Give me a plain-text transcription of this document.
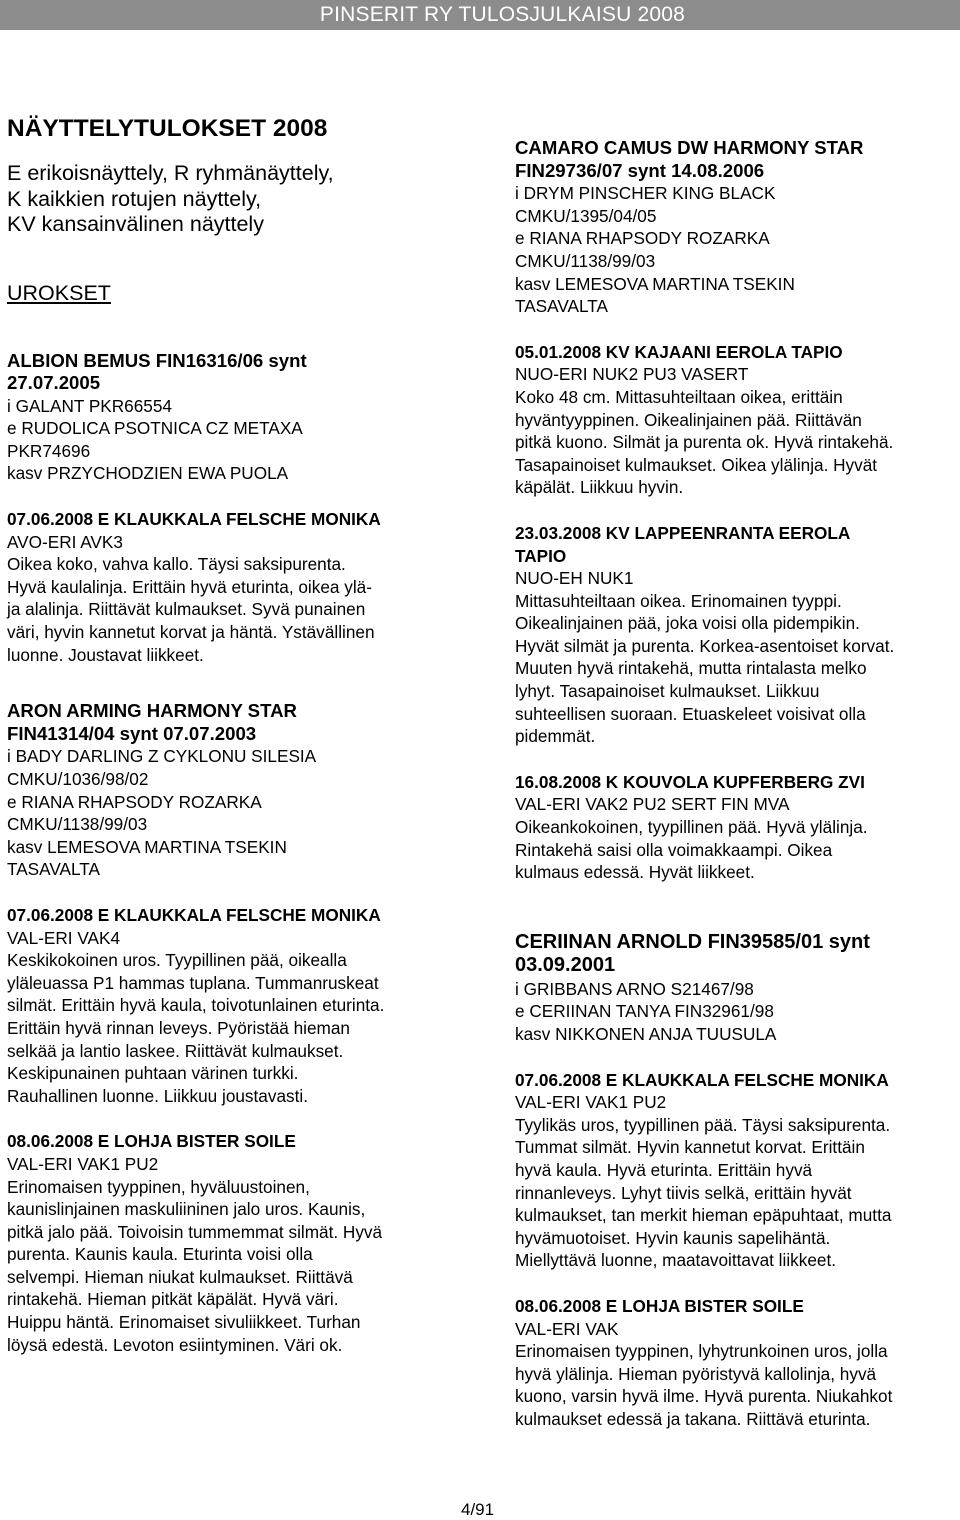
PINSERIT RY TULOSJULKAISU 2008
NÄYTTELYTULOKSET 2008
E erikoisnäyttely, R ryhmänäyttely,
K kaikkien rotujen näyttely,
KV kansainvälinen näyttely
UROKSET
ALBION BEMUS FIN16316/06 synt
27.07.2005
i GALANT PKR66554
e RUDOLICA PSOTNICA CZ METAXA
PKR74696
kasv PRZYCHODZIEN EWA PUOLA
07.06.2008 E KLAUKKALA FELSCHE MONIKA
AVO-ERI AVK3
Oikea koko, vahva kallo. Täysi saksipurenta.
Hyvä kaulalinja. Erittäin hyvä eturinta, oikea ylä-
ja alalinja. Riittävät kulmaukset. Syvä punainen
väri, hyvin kannetut korvat ja häntä. Ystävällinen
luonne. Joustavat liikkeet.
ARON ARMING HARMONY STAR
FIN41314/04 synt 07.07.2003
i BADY DARLING Z CYKLONU SILESIA
CMKU/1036/98/02
e RIANA RHAPSODY ROZARKA
CMKU/1138/99/03
kasv LEMESOVA MARTINA TSEKIN
TASAVALTA
07.06.2008 E KLAUKKALA FELSCHE MONIKA
VAL-ERI VAK4
Keskikokoinen uros. Tyypillinen pää, oikealla
yläleuassa P1 hammas tuplana. Tummanruskeat
silmät. Erittäin hyvä kaula, toivotunlainen eturinta.
Erittäin hyvä rinnan leveys. Pyöristää hieman
selkää ja lantio laskee. Riittävät kulmaukset.
Keskipunainen puhtaan värinen turkki.
Rauhallinen luonne. Liikkuu joustavasti.
08.06.2008 E LOHJA BISTER SOILE
VAL-ERI VAK1 PU2
Erinomaisen tyyppinen, hyväluustoinen,
kaunislinjainen maskuliininen jalo uros. Kaunis,
pitkä jalo pää. Toivoisin tummemmat silmät. Hyvä
purenta. Kaunis kaula. Eturinta voisi olla
selvempi. Hieman niukat kulmaukset. Riittävä
rintakehä. Hieman pitkät käpälät. Hyvä väri.
Huippu häntä. Erinomaiset sivuliikkeet. Turhan
löysä edestä. Levoton esiintyminen. Väri ok.
CAMARO CAMUS DW HARMONY STAR
FIN29736/07 synt 14.08.2006
i DRYM PINSCHER KING BLACK
CMKU/1395/04/05
e RIANA RHAPSODY ROZARKA
CMKU/1138/99/03
kasv LEMESOVA MARTINA TSEKIN
TASAVALTA
05.01.2008 KV KAJAANI EEROLA TAPIO
NUO-ERI NUK2 PU3 VASERT
Koko 48 cm. Mittasuhteiltaan oikea, erittäin
hyväntyyppinen. Oikealinjainen pää. Riittävän
pitkä kuono. Silmät ja purenta ok. Hyvä rintakehä.
Tasapainoiset kulmaukset. Oikea ylälinja. Hyvät
käpälät. Liikkuu hyvin.
23.03.2008 KV LAPPEENRANTA EEROLA
TAPIO
NUO-EH NUK1
Mittasuhteiltaan oikea. Erinomainen tyyppi.
Oikealinjainen pää, joka voisi olla pidempikin.
Hyvät silmät ja purenta. Korkea-asentoiset korvat.
Muuten hyvä rintakehä, mutta rintalasta melko
lyhyt. Tasapainoiset kulmaukset. Liikkuu
suhteellisen suoraan. Etuaskeleet voisivat olla
pidemmät.
16.08.2008 K KOUVOLA KUPFERBERG ZVI
VAL-ERI VAK2 PU2 SERT FIN MVA
Oikeankokoinen, tyypillinen pää. Hyvä ylälinja.
Rintakehä saisi olla voimakkaampi. Oikea
kulmaus edessä. Hyvät liikkeet.
CERIINAN ARNOLD FIN39585/01 synt
03.09.2001
i GRIBBANS ARNO S21467/98
e CERIINAN TANYA FIN32961/98
kasv NIKKONEN ANJA TUUSULA
07.06.2008 E KLAUKKALA FELSCHE MONIKA
VAL-ERI VAK1 PU2
Tyylikäs uros, tyypillinen pää. Täysi saksipurenta.
Tummat silmät. Hyvin kannetut korvat. Erittäin
hyvä kaula. Hyvä eturinta. Erittäin hyvä
rinnanleveys. Lyhyt tiivis selkä, erittäin hyvät
kulmaukset, tan merkit hieman epäpuhtaat, mutta
hyvämuotoiset. Hyvin kaunis sapelihäntä.
Miellyttävä luonne, maatavoittavat liikkeet.
08.06.2008 E LOHJA BISTER SOILE
VAL-ERI VAK
Erinomaisen tyyppinen, lyhytrunkoinen uros, jolla
hyvä ylälinja. Hieman pyöristyvä kallolinja, hyvä
kuono, varsin hyvä ilme. Hyvä purenta. Niukahkot
kulmaukset edessä ja takana. Riittävä eturinta.
4/91
